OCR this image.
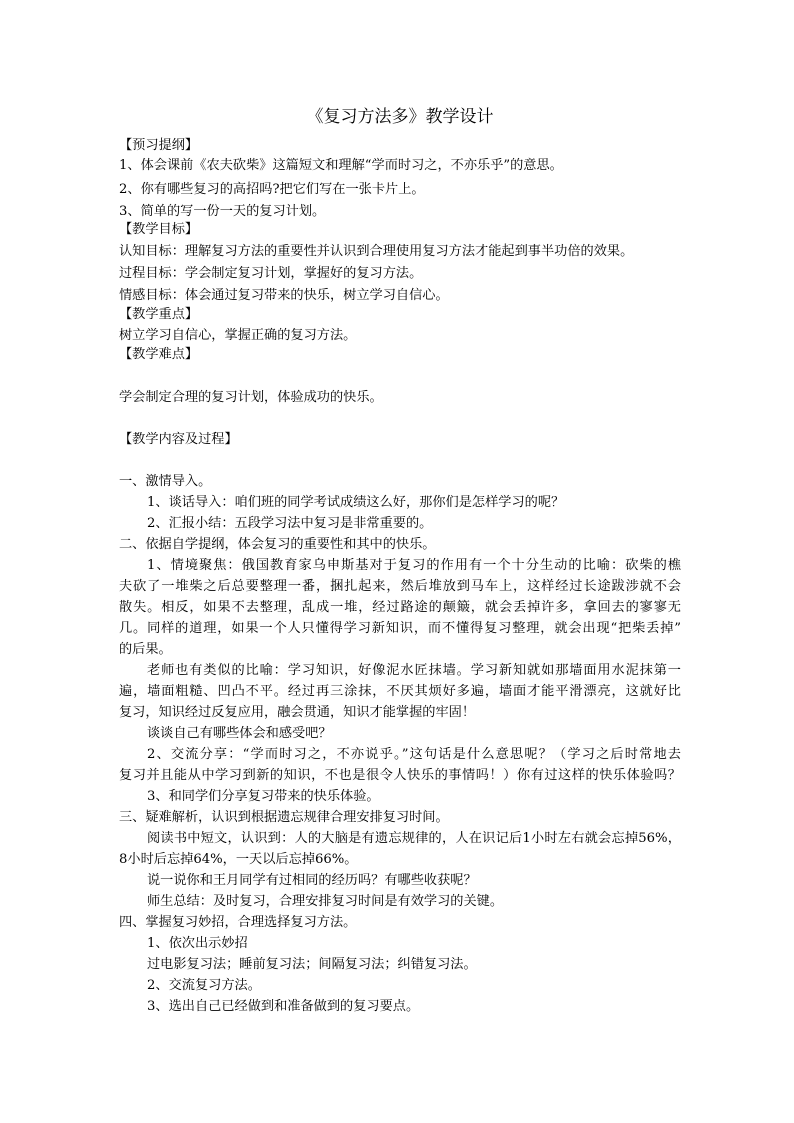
《复习方法多》教学设计
【预习提纲】
1、体会课前《农夫砍柴》这篇短文和理解“学而时习之，不亦乐乎”的意思。
2、你有哪些复习的高招吗?把它们写在一张卡片上。
3、简单的写一份一天的复习计划。
【教学目标】
认知目标：理解复习方法的重要性并认识到合理使用复习方法才能起到事半功倍的效果。
过程目标：学会制定复习计划，掌握好的复习方法。
情感目标：体会通过复习带来的快乐，树立学习自信心。
【教学重点】
树立学习自信心，掌握正确的复习方法。
【教学难点】
学会制定合理的复习计划，体验成功的快乐。
【教学内容及过程】
一、激情导入。
1、谈话导入：咱们班的同学考试成绩这么好，那你们是怎样学习的呢？
2、汇报小结：五段学习法中复习是非常重要的。
二、依据自学提纲，体会复习的重要性和其中的快乐。
1、情境聚焦：俄国教育家乌申斯基对于复习的作用有一个十分生动的比喻：砍柴的樵
夫砍了一堆柴之后总要整理一番，捆扎起来，然后堆放到马车上，这样经过长途跋涉就不会
散失。相反，如果不去整理，乱成一堆，经过路途的颠簸，就会丢掉许多，拿回去的寥寥无
几。同样的道理，如果一个人只懂得学习新知识，而不懂得复习整理，就会出现“把柴丢掉”
的后果。
老师也有类似的比喻：学习知识，好像泥水匠抹墙。学习新知就如那墙面用水泥抹第一
遍，墙面粗糙、凹凸不平。经过再三涂抹，不厌其烦好多遍，墙面才能平滑漂亮，这就好比
复习，知识经过反复应用，融会贯通，知识才能掌握的牢固！
谈谈自己有哪些体会和感受吧？
2、交流分享：“学而时习之，不亦说乎。”这句话是什么意思呢？（学习之后时常地去
复习并且能从中学习到新的知识，不也是很令人快乐的事情吗！）你有过这样的快乐体验吗？
3、和同学们分享复习带来的快乐体验。
三、疑难解析，认识到根据遗忘规律合理安排复习时间。
阅读书中短文，认识到：人的大脑是有遗忘规律的，人在识记后1小时左右就会忘掉56%，
8小时后忘掉64%，一天以后忘掉66%。
说一说你和王月同学有过相同的经历吗？有哪些收获呢？
师生总结：及时复习，合理安排复习时间是有效学习的关键。
四、掌握复习妙招，合理选择复习方法。
1、依次出示妙招
过电影复习法；睡前复习法；间隔复习法；纠错复习法。
2、交流复习方法。
3、选出自己已经做到和准备做到的复习要点。
